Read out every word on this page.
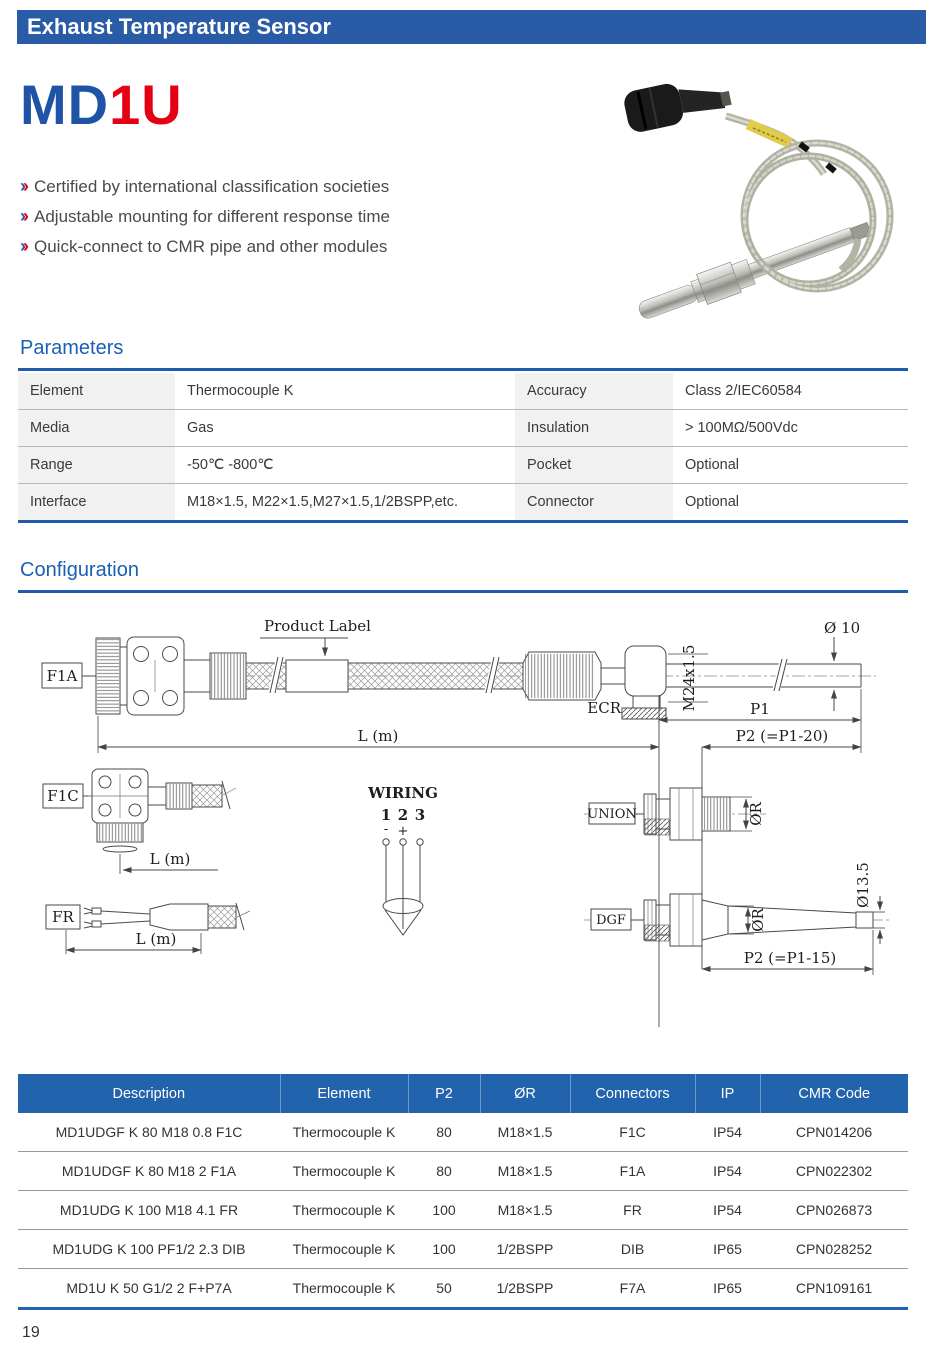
Exhaust Temperature Sensor
MD1U
›› Certified by international classification societies
›› Adjustable mounting for different response time
›› Quick-connect to CMR pipe and other modules
Parameters
Element	Thermocouple K	Accuracy	Class 2/IEC60584
Media	Gas	Insulation	> 100MΩ/500Vdc
Range	-50℃ -800℃	Pocket	Optional
Interface	M18×1.5, M22×1.5,M27×1.5,1/2BSPP,etc.	Connector	Optional
Configuration
F1A
Product Label
M24x1.5
ECR
Ø 10
P1
L (m)	P2 (=P1-20)
F1C
L (m)
FR
L (m)
WIRING
1 2 3
- +
UNION	ØR
DGF	ØR
Ø13.5
P2 (=P1-15)
Description	Element	P2	ØR	Connectors	IP	CMR Code
MD1UDGF K 80 M18 0.8 F1C	Thermocouple K	80	M18×1.5	F1C	IP54	CPN014206
MD1UDGF K 80 M18 2 F1A	Thermocouple K	80	M18×1.5	F1A	IP54	CPN022302
MD1UDG K 100 M18 4.1 FR	Thermocouple K	100	M18×1.5	FR	IP54	CPN026873
MD1UDG K 100 PF1/2 2.3 DIB	Thermocouple K	100	1/2BSPP	DIB	IP65	CPN028252
MD1U K 50 G1/2 2 F+P7A	Thermocouple K	50	1/2BSPP	F7A	IP65	CPN109161
19
